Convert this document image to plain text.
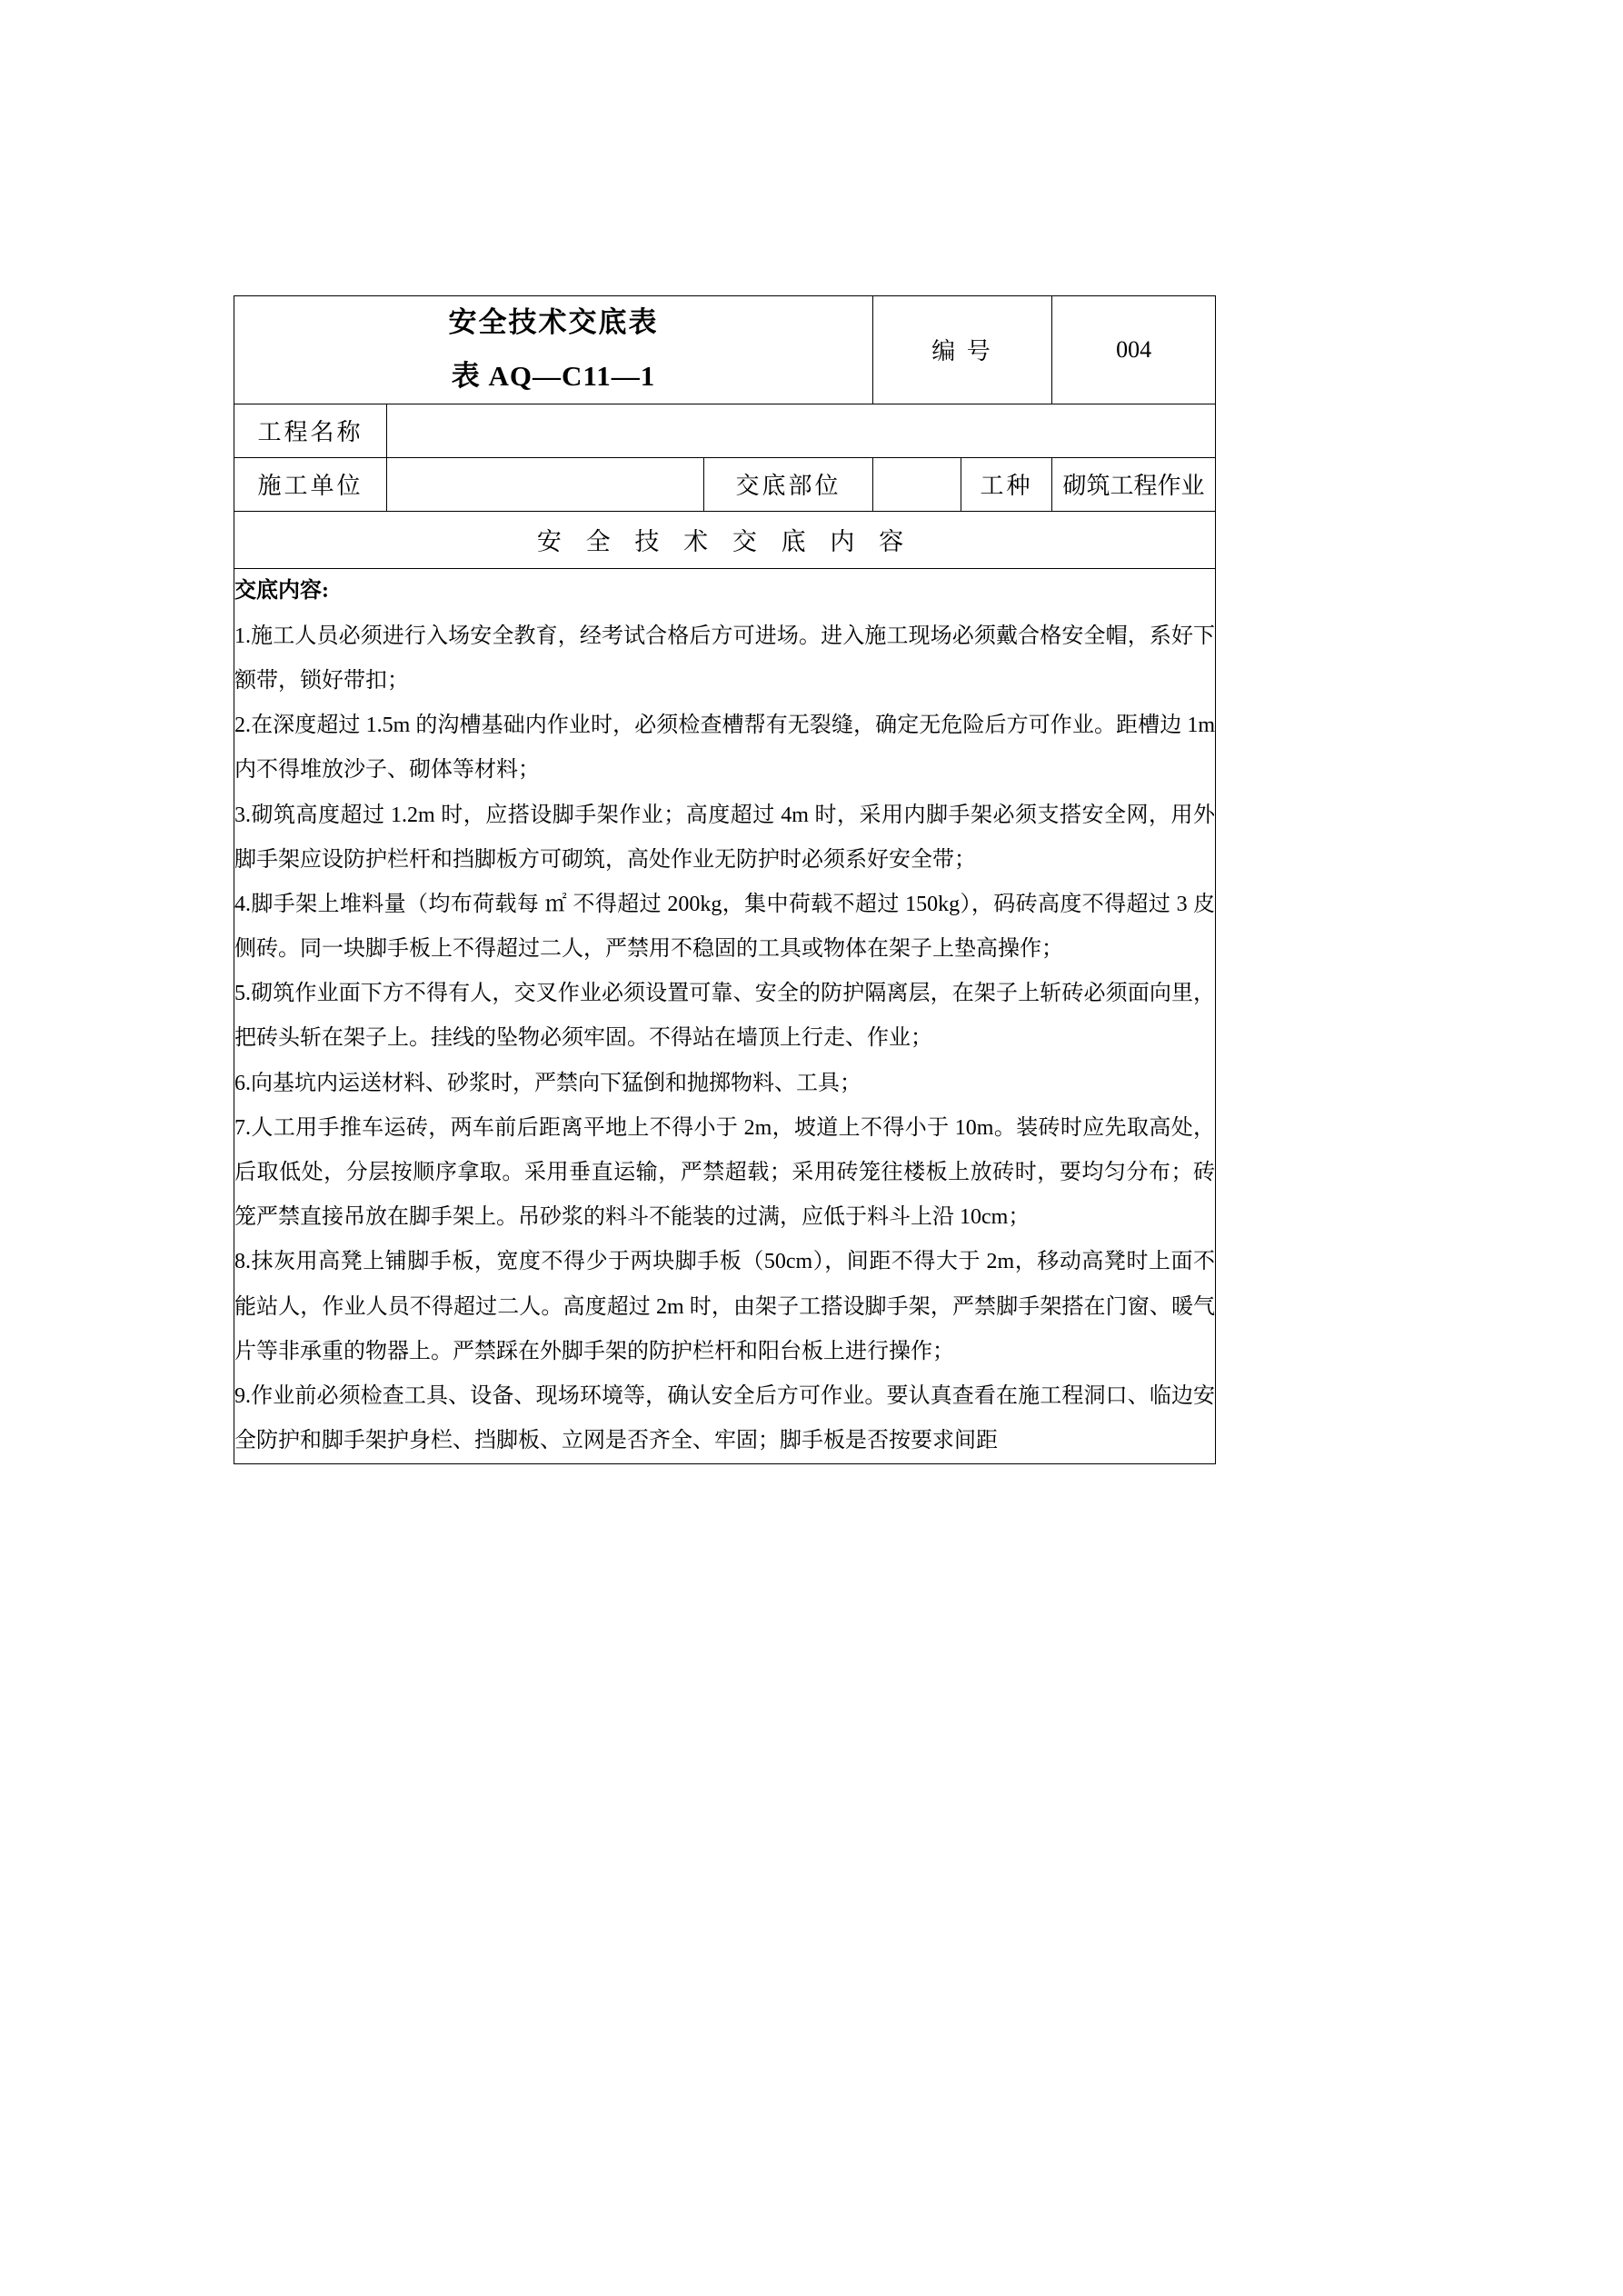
安全技术交底表
表 AQ—C11—1			编 号		004
工程名称					
施工单位		交底部位		工种	砌筑工程作业
安 全 技 术 交 底 内 容					

交底内容:

1.施工人员必须进行入场安全教育，经考试合格后方可进场。进入施工现场必须戴合格安全帽，系好下额带，锁好带扣；

2.在深度超过 1.5m 的沟槽基础内作业时，必须检查槽帮有无裂缝，确定无危险后方可作业。距槽边 1m 内不得堆放沙子、砌体等材料；

3.砌筑高度超过 1.2m 时，应搭设脚手架作业；高度超过 4m 时，采用内脚手架必须支搭安全网，用外脚手架应设防护栏杆和挡脚板方可砌筑，高处作业无防护时必须系好安全带；

4.脚手架上堆料量（均布荷载每 ㎡ 不得超过 200kg，集中荷载不超过 150kg），码砖高度不得超过 3 皮侧砖。同一块脚手板上不得超过二人，严禁用不稳固的工具或物体在架子上垫高操作；

5.砌筑作业面下方不得有人，交叉作业必须设置可靠、安全的防护隔离层，在架子上斩砖必须面向里，把砖头斩在架子上。挂线的坠物必须牢固。不得站在墙顶上行走、作业；

6.向基坑内运送材料、砂浆时，严禁向下猛倒和抛掷物料、工具；

7.人工用手推车运砖，两车前后距离平地上不得小于 2m，坡道上不得小于 10m。装砖时应先取高处，后取低处，分层按顺序拿取。采用垂直运输，严禁超载；采用砖笼往楼板上放砖时，要均匀分布；砖笼严禁直接吊放在脚手架上。吊砂浆的料斗不能装的过满，应低于料斗上沿 10cm；

8.抹灰用高凳上铺脚手板，宽度不得少于两块脚手板（50cm），间距不得大于 2m，移动高凳时上面不能站人，作业人员不得超过二人。高度超过 2m 时，由架子工搭设脚手架，严禁脚手架搭在门窗、暖气片等非承重的物器上。严禁踩在外脚手架的防护栏杆和阳台板上进行操作；

9.作业前必须检查工具、设备、现场环境等，确认安全后方可作业。要认真查看在施工程洞口、临边安全防护和脚手架护身栏、挡脚板、立网是否齐全、牢固；脚手板是否按要求间距
